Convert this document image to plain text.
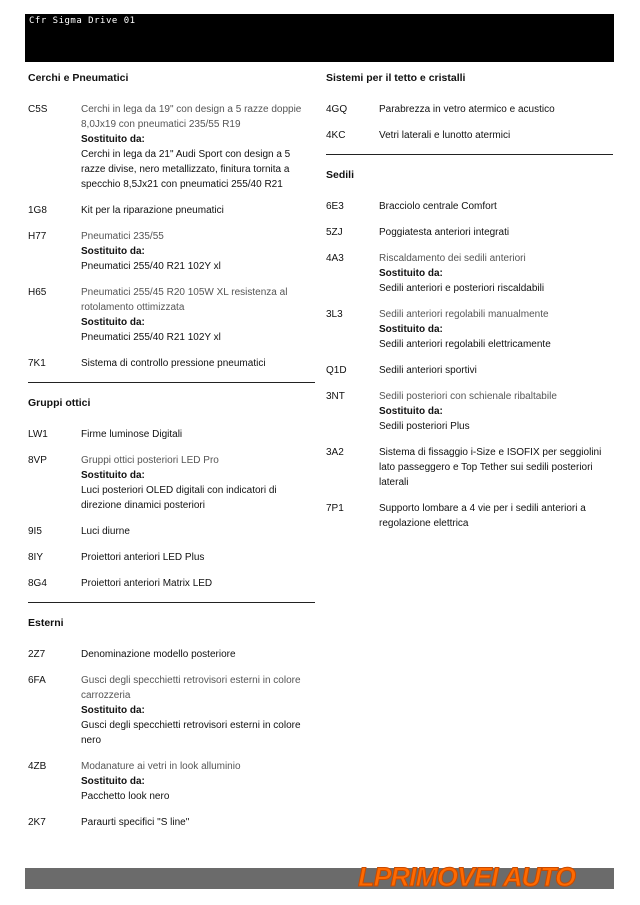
Cfr Sigma Drive 01
Cerchi e Pneumatici
C5S	Cerchi in lega da 19" con design a 5 razze doppie 8,0Jx19 con pneumatici 235/55 R19
Sostituito da:
Cerchi in lega da 21" Audi Sport con design a 5 razze divise, nero metallizzato, finitura tornita a specchio 8,5Jx21 con pneumatici 255/40 R21
1G8	Kit per la riparazione pneumatici
H77	Pneumatici 235/55
Sostituito da:
Pneumatici 255/40 R21 102Y xl
H65	Pneumatici 255/45 R20 105W XL resistenza al rotolamento ottimizzata
Sostituito da:
Pneumatici 255/40 R21 102Y xl
7K1	Sistema di controllo pressione pneumatici
Gruppi ottici
LW1	Firme luminose Digitali
8VP	Gruppi ottici posteriori LED Pro
Sostituito da:
Luci posteriori OLED digitali con indicatori di direzione dinamici posteriori
9I5	Luci diurne
8IY	Proiettori anteriori LED Plus
8G4	Proiettori anteriori Matrix LED
Esterni
2Z7	Denominazione modello posteriore
6FA	Gusci degli specchietti retrovisori esterni in colore carrozzeria
Sostituito da:
Gusci degli specchietti retrovisori esterni in colore nero
4ZB	Modanature ai vetri in look alluminio
Sostituito da:
Pacchetto look nero
2K7	Paraurti specifici "S line"
Sistemi per il tetto e cristalli
4GQ	Parabrezza in vetro atermico e acustico
4KC	Vetri laterali e lunotto atermici
Sedili
6E3	Bracciolo centrale Comfort
5ZJ	Poggiatesta anteriori integrati
4A3	Riscaldamento dei sedili anteriori
Sostituito da:
Sedili anteriori e posteriori riscaldabili
3L3	Sedili anteriori regolabili manualmente
Sostituito da:
Sedili anteriori regolabili elettricamente
Q1D	Sedili anteriori sportivi
3NT	Sedili posteriori con schienale ribaltabile
Sostituito da:
Sedili posteriori Plus
3A2	Sistema di fissaggio i-Size e ISOFIX per seggiolini lato passeggero e Top Tether sui sedili posteriori laterali
7P1	Supporto lombare a 4 vie per i sedili anteriori a regolazione elettrica
LPRIMOVEI AUTO
